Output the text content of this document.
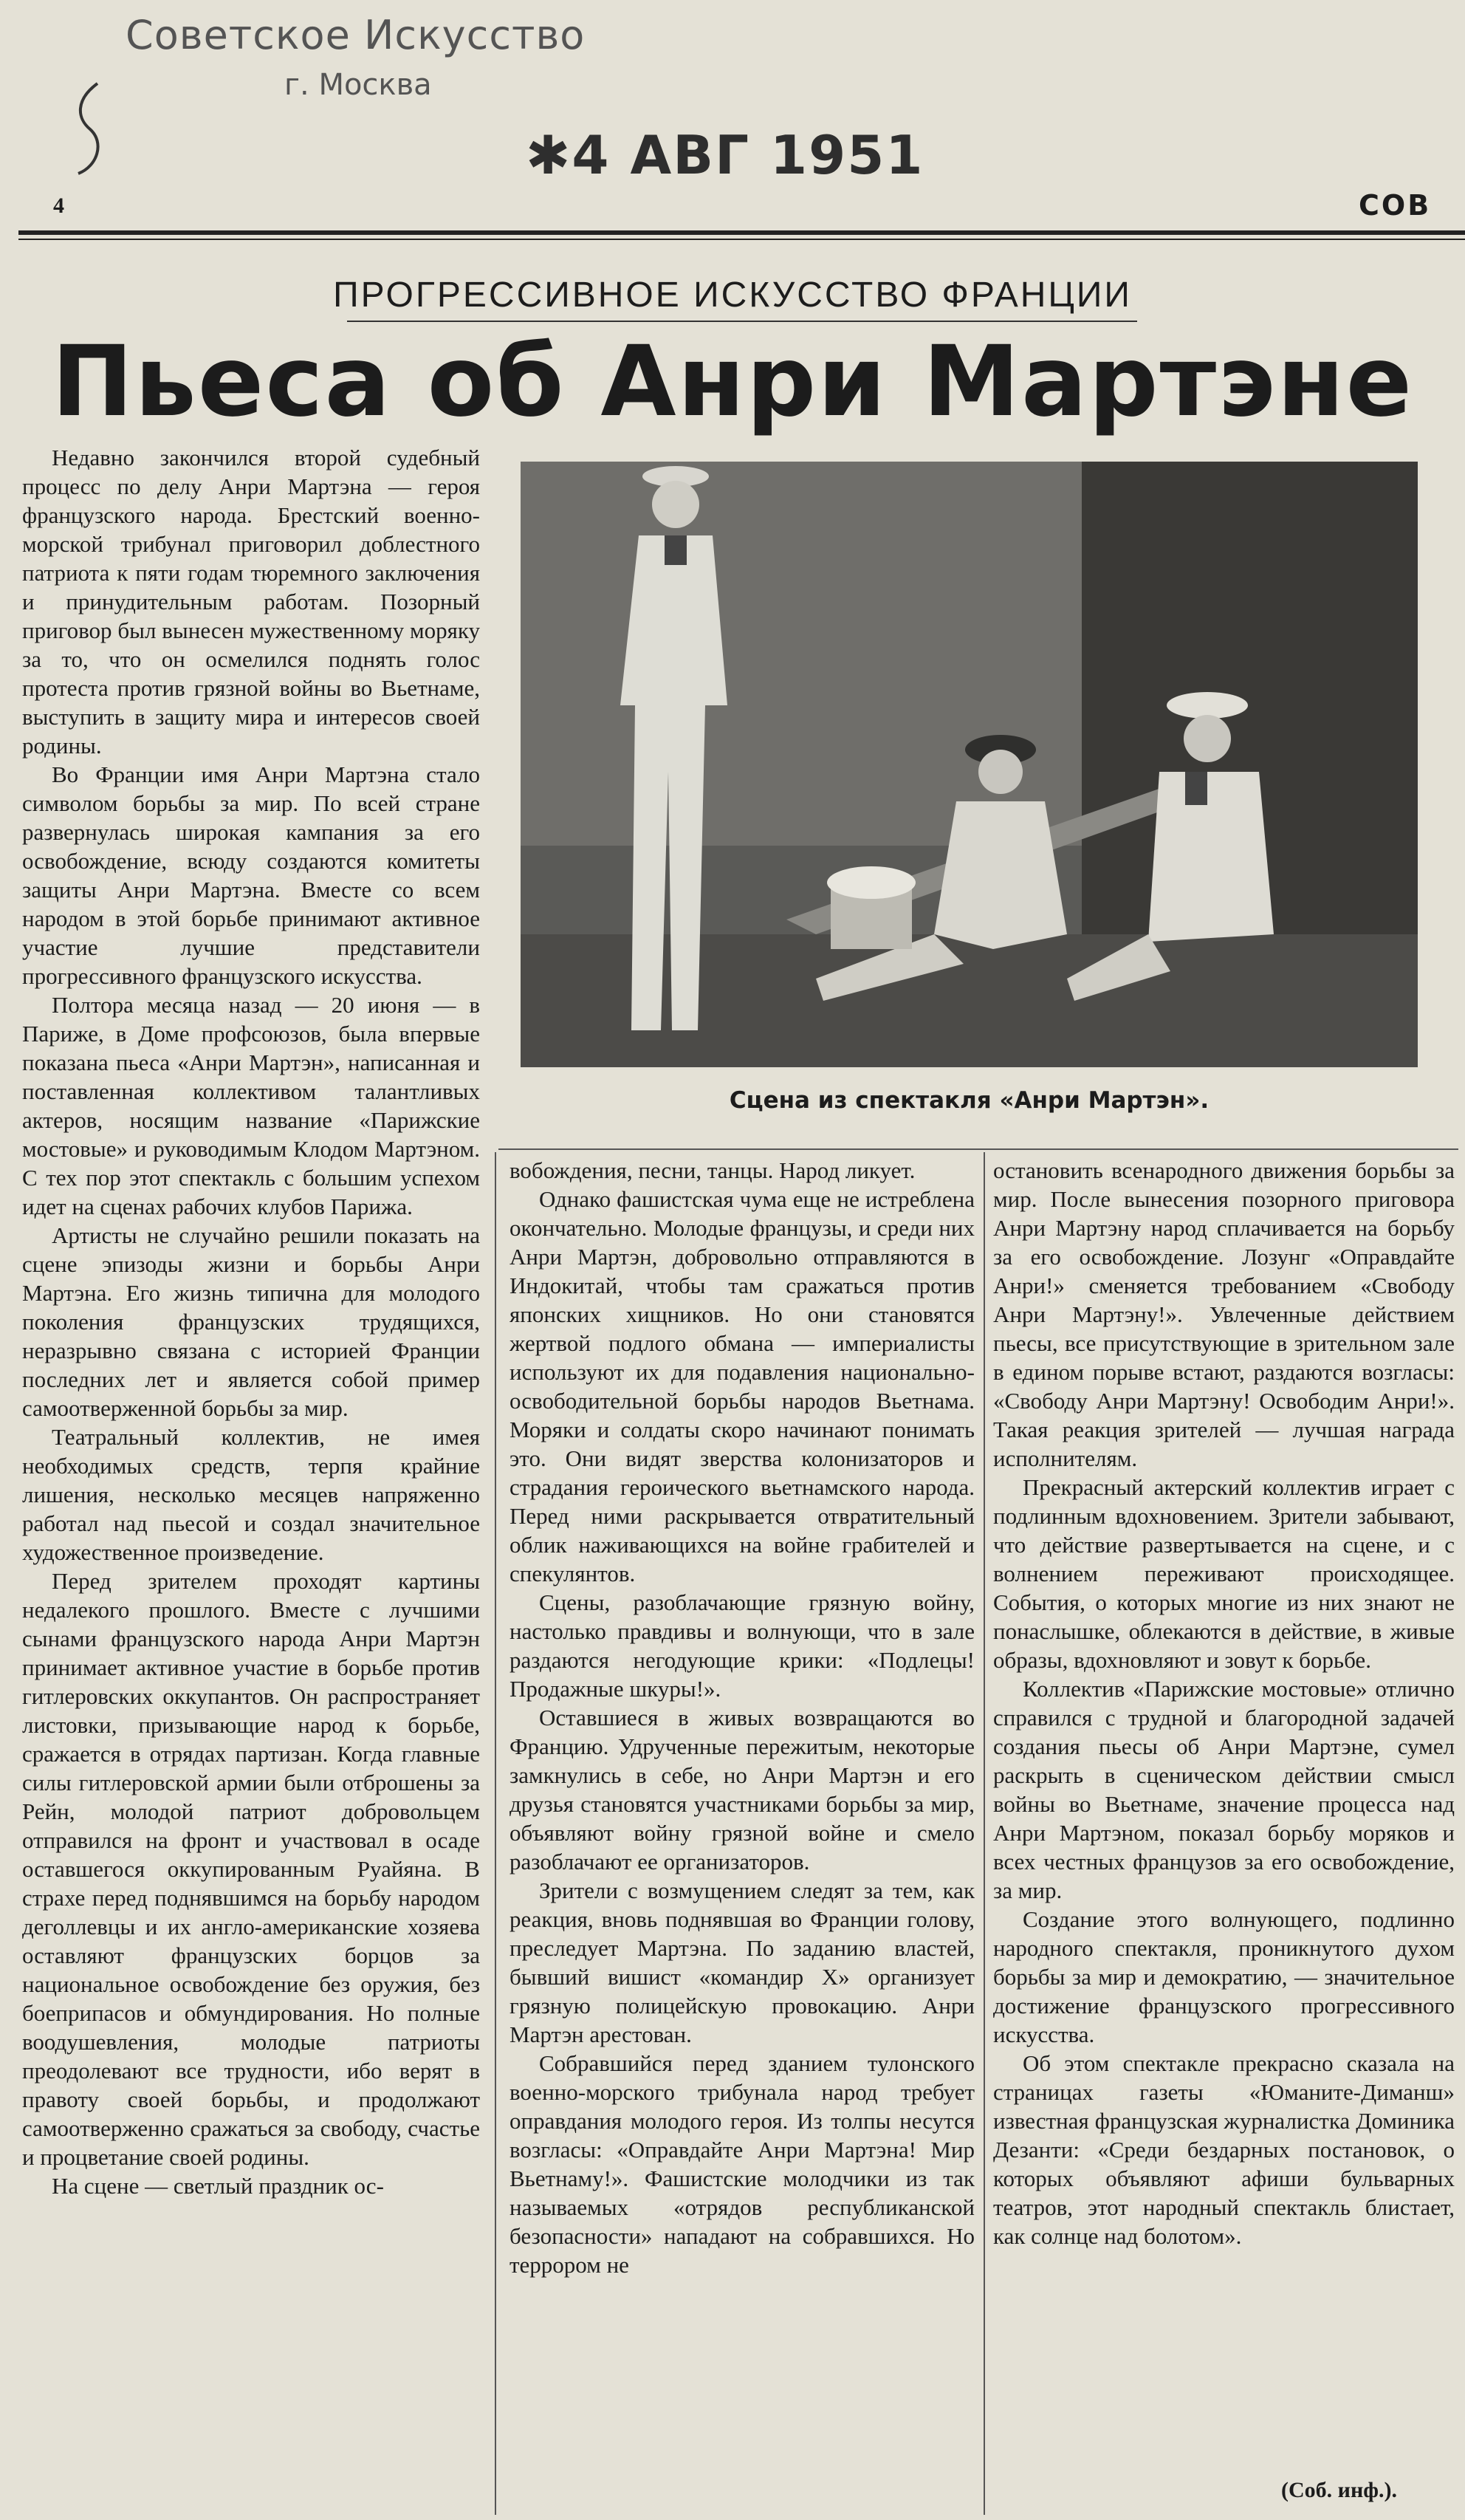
Советское Искусство
г. Москва
✱4 АВГ 1951
4	СОВ
ПРОГРЕССИВНОЕ ИСКУССТВО ФРАНЦИИ
Пьеса об Анри Мартэне
Сцена из спектакля «Анри Мартэн».

Недавно закончился второй судебный процесс по делу Анри Мартэна — героя французского народа. Брестский военно-морской трибунал приговорил доблестного патриота к пяти годам тюремного заключения и принудительным работам. Позорный приговор был вынесен мужественному моряку за то, что он осмелился поднять голос протеста против грязной войны во Вьетнаме, выступить в защиту мира и интересов своей родины.

Во Франции имя Анри Мартэна стало символом борьбы за мир. По всей стране развернулась широкая кампания за его освобождение, всюду создаются комитеты защиты Анри Мартэна. Вместе со всем народом в этой борьбе принимают активное участие лучшие представители прогрессивного французского искусства.

Полтора месяца назад — 20 июня — в Париже, в Доме профсоюзов, была впервые показана пьеса «Анри Мартэн», написанная и поставленная коллективом талантливых актеров, носящим название «Парижские мостовые» и руководимым Клодом Мартэном. С тех пор этот спектакль с большим успехом идет на сценах рабочих клубов Парижа.

Артисты не случайно решили показать на сцене эпизоды жизни и борьбы Анри Мартэна. Его жизнь типична для молодого поколения французских трудящихся, неразрывно связана с историей Франции последних лет и является собой пример самоотверженной борьбы за мир.

Театральный коллектив, не имея необходимых средств, терпя крайние лишения, несколько месяцев напряженно работал над пьесой и создал значительное художественное произведение.

Перед зрителем проходят картины недалекого прошлого. Вместе с лучшими сынами французского народа Анри Мартэн принимает активное участие в борьбе против гитлеровских оккупантов. Он распространяет листовки, призывающие народ к борьбе, сражается в отрядах партизан. Когда главные силы гитлеровской армии были отброшены за Рейн, молодой патриот добровольцем отправился на фронт и участвовал в осаде оставшегося оккупированным Руайяна. В страхе перед поднявшимся на борьбу народом деголлевцы и их англо-американские хозяева оставляют французских борцов за национальное освобождение без оружия, без боеприпасов и обмундирования. Но полные воодушевления, молодые патриоты преодолевают все трудности, ибо верят в правоту своей борьбы, и продолжают самоотверженно сражаться за свободу, счастье и процветание своей родины.

На сцене — светлый праздник ос-

вобождения, песни, танцы. Народ ликует.

Однако фашистская чума еще не истреблена окончательно. Молодые французы, и среди них Анри Мартэн, добровольно отправляются в Индокитай, чтобы там сражаться против японских хищников. Но они становятся жертвой подлого обмана — империалисты используют их для подавления национально-освободительной борьбы народов Вьетнама. Моряки и солдаты скоро начинают понимать это. Они видят зверства колонизаторов и страдания героического вьетнамского народа. Перед ними раскрывается отвратительный облик наживающихся на войне грабителей и спекулянтов.

Сцены, разоблачающие грязную войну, настолько правдивы и волнующи, что в зале раздаются негодующие крики: «Подлецы! Продажные шкуры!».

Оставшиеся в живых возвращаются во Францию. Удрученные пережитым, некоторые замкнулись в себе, но Анри Мартэн и его друзья становятся участниками борьбы за мир, объявляют войну грязной войне и смело разоблачают ее организаторов.

Зрители с возмущением следят за тем, как реакция, вновь поднявшая во Франции голову, преследует Мартэна. По заданию властей, бывший вишист «командир Х» организует грязную полицейскую провокацию. Анри Мартэн арестован.

Собравшийся перед зданием тулонского военно-морского трибунала народ требует оправдания молодого героя. Из толпы несутся возгласы: «Оправдайте Анри Мартэна! Мир Вьетнаму!». Фашистские молодчики из так называемых «отрядов республиканской безопасности» нападают на собравшихся. Но террором не

остановить всенародного движения борьбы за мир. После вынесения позорного приговора Анри Мартэну народ сплачивается на борьбу за его освобождение. Лозунг «Оправдайте Анри!» сменяется требованием «Свободу Анри Мартэну!». Увлеченные действием пьесы, все присутствующие в зрительном зале в едином порыве встают, раздаются возгласы: «Свободу Анри Мартэну! Освободим Анри!». Такая реакция зрителей — лучшая награда исполнителям.

Прекрасный актерский коллектив играет с подлинным вдохновением. Зрители забывают, что действие развертывается на сцене, и с волнением переживают происходящее. События, о которых многие из них знают не понаслышке, облекаются в действие, в живые образы, вдохновляют и зовут к борьбе.

Коллектив «Парижские мостовые» отлично справился с трудной и благородной задачей создания пьесы об Анри Мартэне, сумел раскрыть в сценическом действии смысл войны во Вьетнаме, значение процесса над Анри Мартэном, показал борьбу моряков и всех честных французов за его освобождение, за мир.

Создание этого волнующего, подлинно народного спектакля, проникнутого духом борьбы за мир и демократию, — значительное достижение французского прогрессивного искусства.

Об этом спектакле прекрасно сказала на страницах газеты «Юманите-Диманш» известная французская журналистка Доминика Дезанти: «Среди бездарных постановок, о которых объявляют афиши бульварных театров, этот народный спектакль блистает, как солнце над болотом».

(Соб. инф.).
